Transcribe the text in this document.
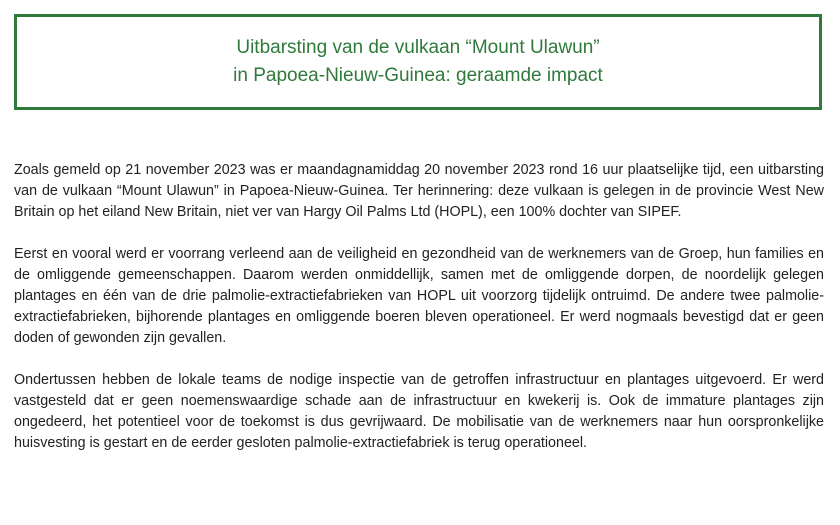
Uitbarsting van de vulkaan “Mount Ulawun”
in Papoea-Nieuw-Guinea: geraamde impact

Zoals gemeld op 21 november 2023 was er maandagnamiddag 20 november 2023 rond 16 uur plaatselijke tijd, een uitbarsting van de vulkaan “Mount Ulawun” in Papoea-Nieuw-Guinea. Ter herinnering: deze vulkaan is gelegen in de provincie West New Britain op het eiland New Britain, niet ver van Hargy Oil Palms Ltd (HOPL), een 100% dochter van SIPEF.

Eerst en vooral werd er voorrang verleend aan de veiligheid en gezondheid van de werknemers van de Groep, hun families en de omliggende gemeenschappen. Daarom werden onmiddellijk, samen met de omliggende dorpen, de noordelijk gelegen plantages en één van de drie palmolie-extractiefabrieken van HOPL uit voorzorg tijdelijk ontruimd. De andere twee palmolie-extractiefabrieken, bijhorende plantages en omliggende boeren bleven operationeel. Er werd nogmaals bevestigd dat er geen doden of gewonden zijn gevallen.

Ondertussen hebben de lokale teams de nodige inspectie van de getroffen infrastructuur en plantages uitgevoerd. Er werd vastgesteld dat er geen noemenswaardige schade aan de infrastructuur en kwekerij is. Ook de immature plantages zijn ongedeerd, het potentieel voor de toekomst is dus gevrijwaard. De mobilisatie van de werknemers naar hun oorspronkelijke huisvesting is gestart en de eerder gesloten palmolie-extractiefabriek is terug operationeel.
